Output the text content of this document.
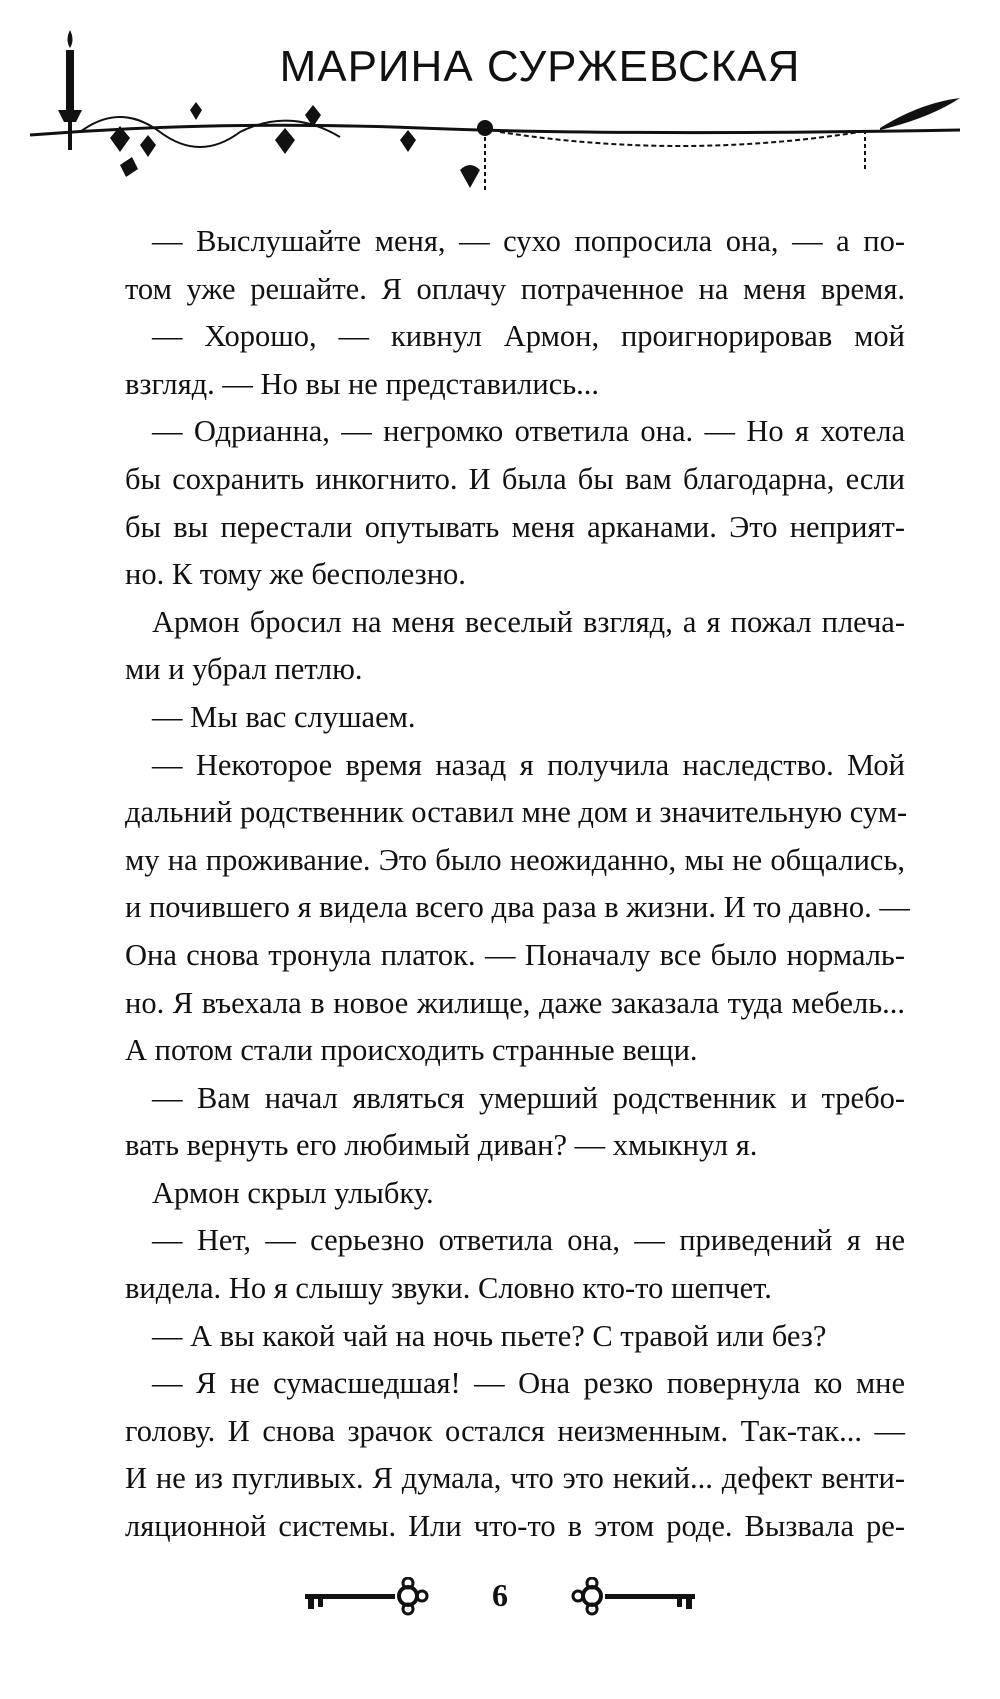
МАРИНА СУРЖЕВСКАЯ
— Выслушайте меня, — сухо попросила она, — а по-
том уже решайте. Я оплачу потраченное на меня время.
— Хорошо, — кивнул Армон, проигнорировав мой
взгляд. — Но вы не представились...
— Одрианна, — негромко ответила она. — Но я хотела
бы сохранить инкогнито. И была бы вам благодарна, если
бы вы перестали опутывать меня арканами. Это неприят-
но. К тому же бесполезно.
Армон бросил на меня веселый взгляд, а я пожал плеча-
ми и убрал петлю.
— Мы вас слушаем.
— Некоторое время назад я получила наследство. Мой
дальний родственник оставил мне дом и значительную сум-
му на проживание. Это было неожиданно, мы не общались,
и почившего я видела всего два раза в жизни. И то давно. —
Она снова тронула платок. — Поначалу все было нормаль-
но. Я въехала в новое жилище, даже заказала туда мебель...
А потом стали происходить странные вещи.
— Вам начал являться умерший родственник и требо-
вать вернуть его любимый диван? — хмыкнул я.
Армон скрыл улыбку.
— Нет, — серьезно ответила она, — приведений я не
видела. Но я слышу звуки. Словно кто-то шепчет.
— А вы какой чай на ночь пьете? С травой или без?
— Я не сумасшедшая! — Она резко повернула ко мне
голову. И снова зрачок остался неизменным. Так-так... —
И не из пугливых. Я думала, что это некий... дефект венти-
ляционной системы. Или что-то в этом роде. Вызвала ре-
6
